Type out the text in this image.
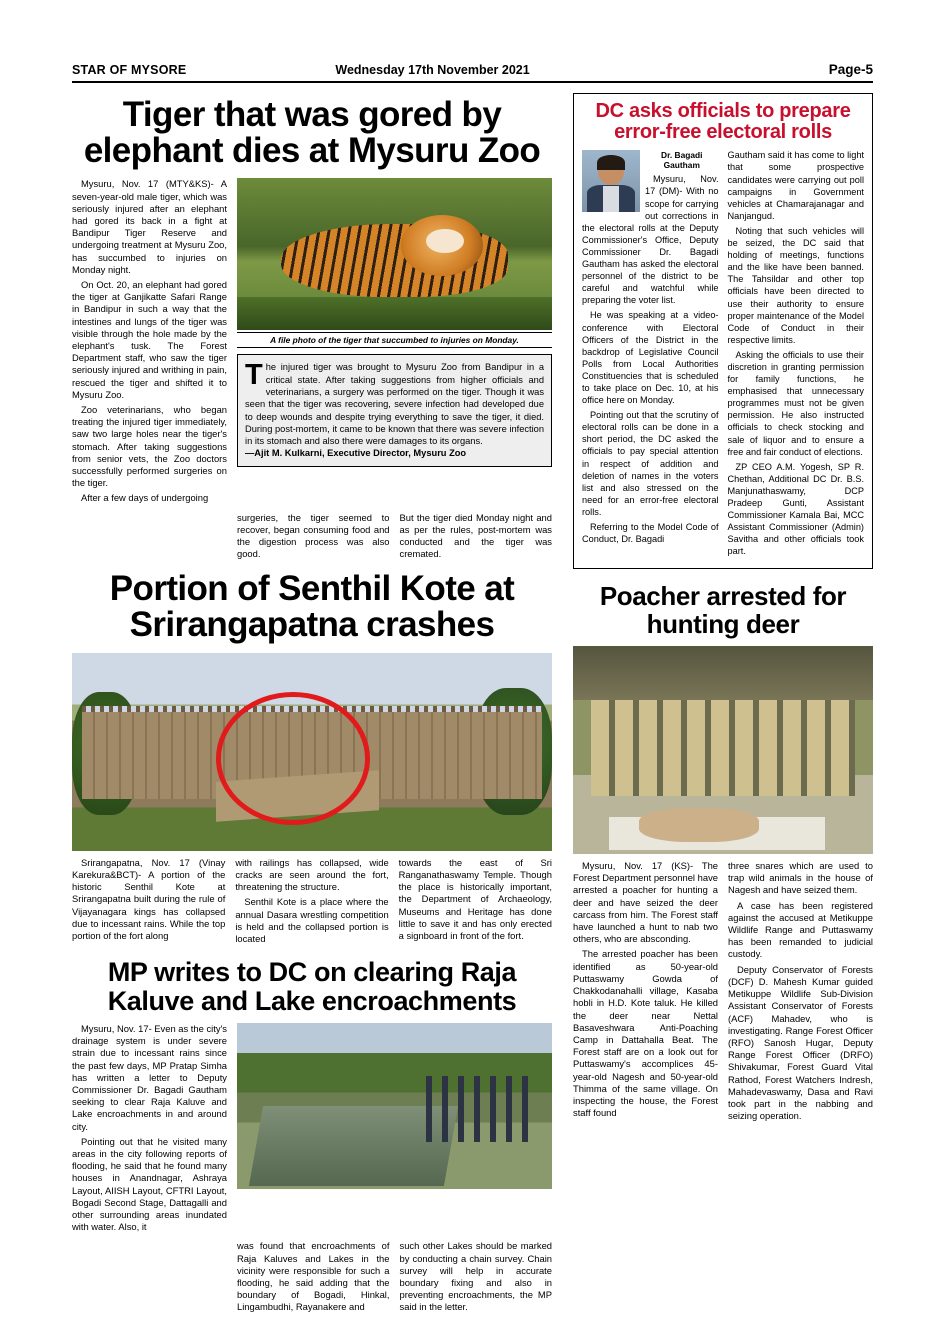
STAR OF MYSORE	Wednesday 17th November 2021	Page-5
Tiger that was gored by
elephant dies at Mysuru Zoo

Mysuru, Nov. 17 (MTY&KS)- A seven-year-old male tiger, which was seriously injured after an elephant had gored its back in a fight at Bandipur Tiger Reserve and undergoing treatment at Mysuru Zoo, has succumbed to injuries on Monday night.

On Oct. 20, an elephant had gored the tiger at Ganjikatte Safari Range in Bandipur in such a way that the intestines and lungs of the tiger was visible through the hole made by the elephant's tusk. The Forest Department staff, who saw the tiger seriously injured and writhing in pain, rescued the tiger and shifted it to Mysuru Zoo.

Zoo veterinarians, who began treating the injured tiger immediately, saw two large holes near the tiger's stomach. After taking suggestions from senior vets, the Zoo doctors successfully performed surgeries on the tiger.

After a few days of undergoing

A file photo of the tiger that succumbed to injuries on Monday.

The injured tiger was brought to Mysuru Zoo from Bandipur in a critical state. After taking suggestions from higher officials and veterinarians, a surgery was performed on the tiger. Though it was seen that the tiger was recovering, severe infection had developed due to deep wounds and despite trying everything to save the tiger, it died. During post-mortem, it came to be known that there was severe infection in its stomach and also there were damages to its organs.

—Ajit M. Kulkarni, Executive Director, Mysuru Zoo

surgeries, the tiger seemed to recover, began consuming food and the digestion process was also good.

But the tiger died Monday night and as per the rules, post-mortem was conducted and the tiger was cremated.

Portion of Senthil Kote at
Srirangapatna crashes

Srirangapatna, Nov. 17 (Vinay Karekura&BCT)- A portion of the historic Senthil Kote at Srirangapatna built during the rule of Vijayanagara kings has collapsed due to incessant rains. While the top portion of the fort along

with railings has collapsed, wide cracks are seen around the fort, threatening the structure.

Senthil Kote is a place where the annual Dasara wrestling competition is held and the collapsed portion is located

towards the east of Sri Ranganathaswamy Temple. Though the place is historically important, the Department of Archaeology, Museums and Heritage has done little to save it and has only erected a signboard in front of the fort.

MP writes to DC on clearing Raja Kaluve and Lake encroachments

Mysuru, Nov. 17- Even as the city's drainage system is under severe strain due to incessant rains since the past few days, MP Pratap Simha has written a letter to Deputy Commissioner Dr. Bagadi Gautham seeking to clear Raja Kaluve and Lake encroachments in and around city.

Pointing out that he visited many areas in the city following reports of flooding, he said that he found many houses in Anandnagar, Ashraya Layout, AIISH Layout, CFTRI Layout, Bogadi Second Stage, Dattagalli and other surrounding areas inundated with water. Also, it

was found that encroachments of Raja Kaluves and Lakes in the vicinity were responsible for such a flooding, he said adding that the boundary of Bogadi, Hinkal, Lingambudhi, Rayanakere and

such other Lakes should be marked by conducting a chain survey. Chain survey will help in accurate boundary fixing and also in preventing encroachments, the MP said in the letter.

DC asks officials to prepare
error-free electoral rolls
Dr. Bagadi
Gautham

Mysuru, Nov. 17 (DM)- With no scope for carrying out corrections in the electoral rolls at the Deputy Commissioner's Office, Deputy Commissioner Dr. Bagadi Gautham has asked the electoral personnel of the district to be careful and watchful while preparing the voter list.

He was speaking at a video-conference with Electoral Officers of the District in the backdrop of Legislative Council Polls from Local Authorities Constituencies that is scheduled to take place on Dec. 10, at his office here on Monday.

Pointing out that the scrutiny of electoral rolls can be done in a short period, the DC asked the officials to pay special attention in respect of addition and deletion of names in the voters list and also stressed on the need for an error-free electoral rolls.

Referring to the Model Code of Conduct, Dr. Bagadi

Gautham said it has come to light that some prospective candidates were carrying out poll campaigns in Government vehicles at Chamarajanagar and Nanjangud.

Noting that such vehicles will be seized, the DC said that holding of meetings, functions and the like have been banned. The Tahsildar and other top officials have been directed to use their authority to ensure proper maintenance of the Model Code of Conduct in their respective limits.

Asking the officials to use their discretion in granting permission for family functions, he emphasised that unnecessary programmes must not be given permission. He also instructed officials to check stocking and sale of liquor and to ensure a free and fair conduct of elections.

ZP CEO A.M. Yogesh, SP R. Chethan, Additional DC Dr. B.S. Manjunathaswamy, DCP Pradeep Gunti, Assistant Commissioner Kamala Bai, MCC Assistant Commissioner (Admin) Savitha and other officials took part.

Poacher arrested for hunting deer

Mysuru, Nov. 17 (KS)- The Forest Department personnel have arrested a poacher for hunting a deer and have seized the deer carcass from him. The Forest staff have launched a hunt to nab two others, who are absconding.

The arrested poacher has been identified as 50-year-old Puttaswamy Gowda of Chakkodanahalli village, Kasaba hobli in H.D. Kote taluk. He killed the deer near Nettal Basaveshwara Anti-Poaching Camp in Dattahalla Beat. The Forest staff are on a look out for Puttaswamy's accomplices 45-year-old Nagesh and 50-year-old Thimma of the same village. On inspecting the house, the Forest staff found

three snares which are used to trap wild animals in the house of Nagesh and have seized them.

A case has been registered against the accused at Metikuppe Wildlife Range and Puttaswamy has been remanded to judicial custody.

Deputy Conservator of Forests (DCF) D. Mahesh Kumar guided Metikuppe Wildlife Sub-Division Assistant Conservator of Forests (ACF) Mahadev, who is investigating. Range Forest Officer (RFO) Sanosh Hugar, Deputy Range Forest Officer (DRFO) Shivakumar, Forest Guard Vital Rathod, Forest Watchers Indresh, Mahadevaswamy, Dasa and Ravi took part in the nabbing and seizing operation.
